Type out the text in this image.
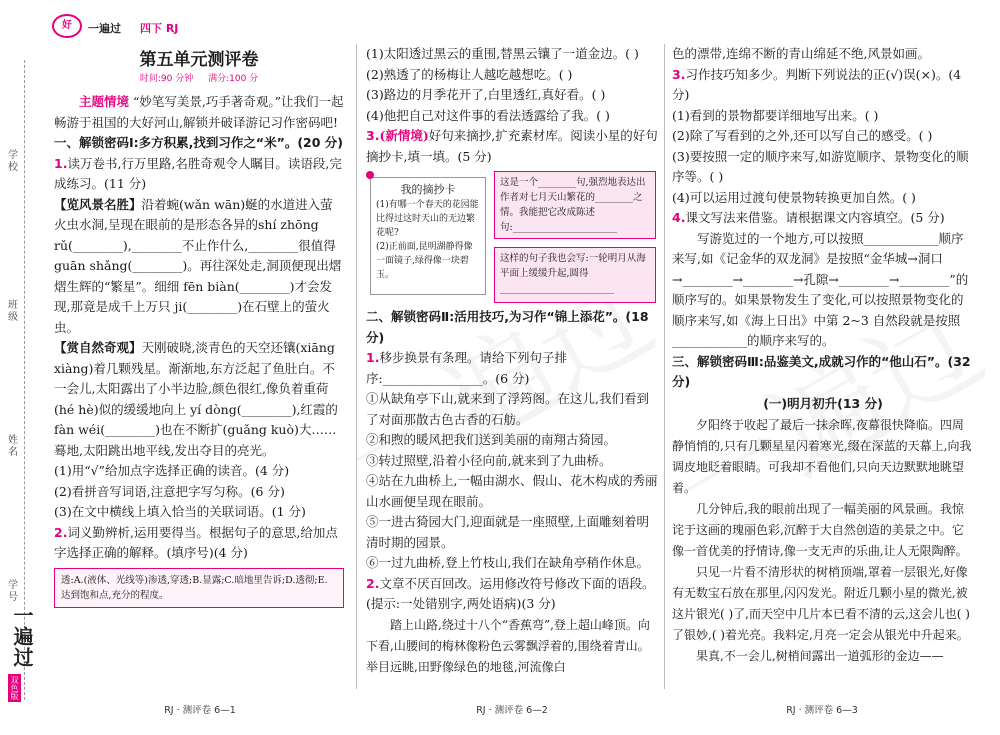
学校
班级
姓名
学号
一遍过
双色版
好	一遍过 四下 RJ
第五单元测评卷
时间:90 分钟 满分:100 分

主题情境 “妙笔写美景,巧手著奇观。”让我们一起畅游于祖国的大好河山,解锁并破译游记习作密码吧!

一、解锁密码Ⅰ:多方积累,找到习作之“米”。(20 分)

1.读万卷书,行万里路,名胜奇观令人瞩目。读语段,完成练习。(11 分)

【览风景名胜】沿着蜿(wǎn wān)蜒的水道进入萤火虫水洞,呈现在眼前的是形态各异的shí zhōng rǔ(________),________不止作什么,________很值得 guān shǎng(________)。再往深处走,洞顶便现出熠熠生辉的“繁星”。细细 fēn biàn(________)才会发现,那竟是成千上万只 ji(________)在石壁上的萤火虫。

【赏自然奇观】天刚破晓,淡青色的天空还镶(xiāng xiàng)着几颗残星。渐渐地,东方泛起了鱼肚白。不一会儿,太阳露出了小半边脸,颜色很红,像负着重荷(hé hè)似的缓缓地向上 yí dòng(________),红霞的 fàn wéi(________)也在不断扩(guǎng kuò)大……蓦地,太阳跳出地平线,发出夺目的亮光。

(1)用“√”给加点字选择正确的读音。(4 分)
(2)看拼音写词语,注意把字写匀称。(6 分)
(3)在文中横线上填入恰当的关联词语。(1 分)

2.词义勤辨析,运用要得当。根据句子的意思,给加点字选择正确的解释。(填序号)(4 分)

透:A.(液体、光线等)渗透,穿透;B.显露;C.暗地里告诉;D.透彻;E.达到饱和点,充分的程度。
(1)太阳透过黑云的重围,替黑云镶了一道金边。( )
(2)熟透了的杨梅让人越吃越想吃。( )
(3)路边的月季花开了,白里透红,真好看。( )
(4)他把自己对这件事的看法透露给了我。( )

3.(新情境)好句来摘抄,扩充素材库。阅读小星的好句摘抄卡,填一填。(5 分)

我的摘抄卡
(1)有哪一个春天的花园能比得过这时天山的无边繁花呢?
(2)正前面,昆明湖静得像一面镜子,绿得像一块碧玉。
这是一个________句,强烈地表达出作者对七月天山繁花的________之情。我能把它改成陈述句:______________________
这样的句子我也会写:一轮明月从海平面上缓缓升起,圆得________________________
二、解锁密码Ⅱ:活用技巧,为习作“锦上添花”。(18 分)

1.移步换景有条理。请给下列句子排序:________________。(6 分)

①从缺角亭下山,就来到了浮筠阁。在这儿,我们看到了对面那散古色古香的石舫。
②和煦的暖风把我们送到美丽的南翔古猗园。
③转过照壁,沿着小径向前,就来到了九曲桥。
④站在九曲桥上,一幅由湖水、假山、花木构成的秀丽山水画便呈现在眼前。
⑤一进古猗园大门,迎面就是一座照壁,上面雕刻着明清时期的园景。
⑥一过九曲桥,登上竹枝山,我们在缺角亭稍作休息。

2.文章不厌百回改。运用修改符号修改下面的语段。(提示:一处错别字,两处语病)(3 分)

踏上山路,绕过十八个“香蕉弯”,登上超山峰顶。向下看,山腰间的梅林像粉色云雾飘浮着的,围绕着青山。举目远眺,田野像绿色的地毯,河流像白
色的漂带,连绵不断的青山绵延不绝,风景如画。

3.习作技巧知多少。判断下列说法的正(√)误(×)。(4 分)

(1)看到的景物都要详细地写出来。( )
(2)除了写看到的之外,还可以写自己的感受。( )
(3)要按照一定的顺序来写,如游览顺序、景物变化的顺序等。( )
(4)可以运用过渡句使景物转换更加自然。( )

4.课文写法来借鉴。请根据课文内容填空。(5 分)

写游览过的一个地方,可以按照____________顺序来写,如《记金华的双龙洞》是按照“金华城→洞口→________→________→孔隙→________→________”的顺序写的。如果景物发生了变化,可以按照景物变化的顺序来写,如《海上日出》中第 2~3 自然段就是按照____________的顺序来写的。

三、解锁密码Ⅲ:品鉴美文,成就习作的“他山石”。(32 分)
(一)明月初升(13 分)
夕阳终于收起了最后一抹余晖,夜幕很快降临。四周静悄悄的,只有几颗星星闪着寒光,缀在深蓝的天幕上,向我调皮地眨着眼睛。可我却不看他们,只向天边默默地眺望着。
几分钟后,我的眼前出现了一幅美丽的风景画。我惊诧于这画的瑰丽色彩,沉醉于大自然创造的美景之中。它像一首优美的抒情诗,像一支无声的乐曲,让人无限陶醉。
只见一片看不清形状的树梢顶端,罩着一层银光,好像有无数宝石放在那里,闪闪发光。附近几颗小星的微光,被这片银光( )了,而天空中几片本已看不清的云,这会儿也( )了银妙,( )着光亮。我料定,月亮一定会从银光中升起来。
果真,不一会儿,树梢间露出一道弧形的金边——
RJ · 测评卷 6—1	RJ · 测评卷 6—2	RJ · 测评卷 6—3
